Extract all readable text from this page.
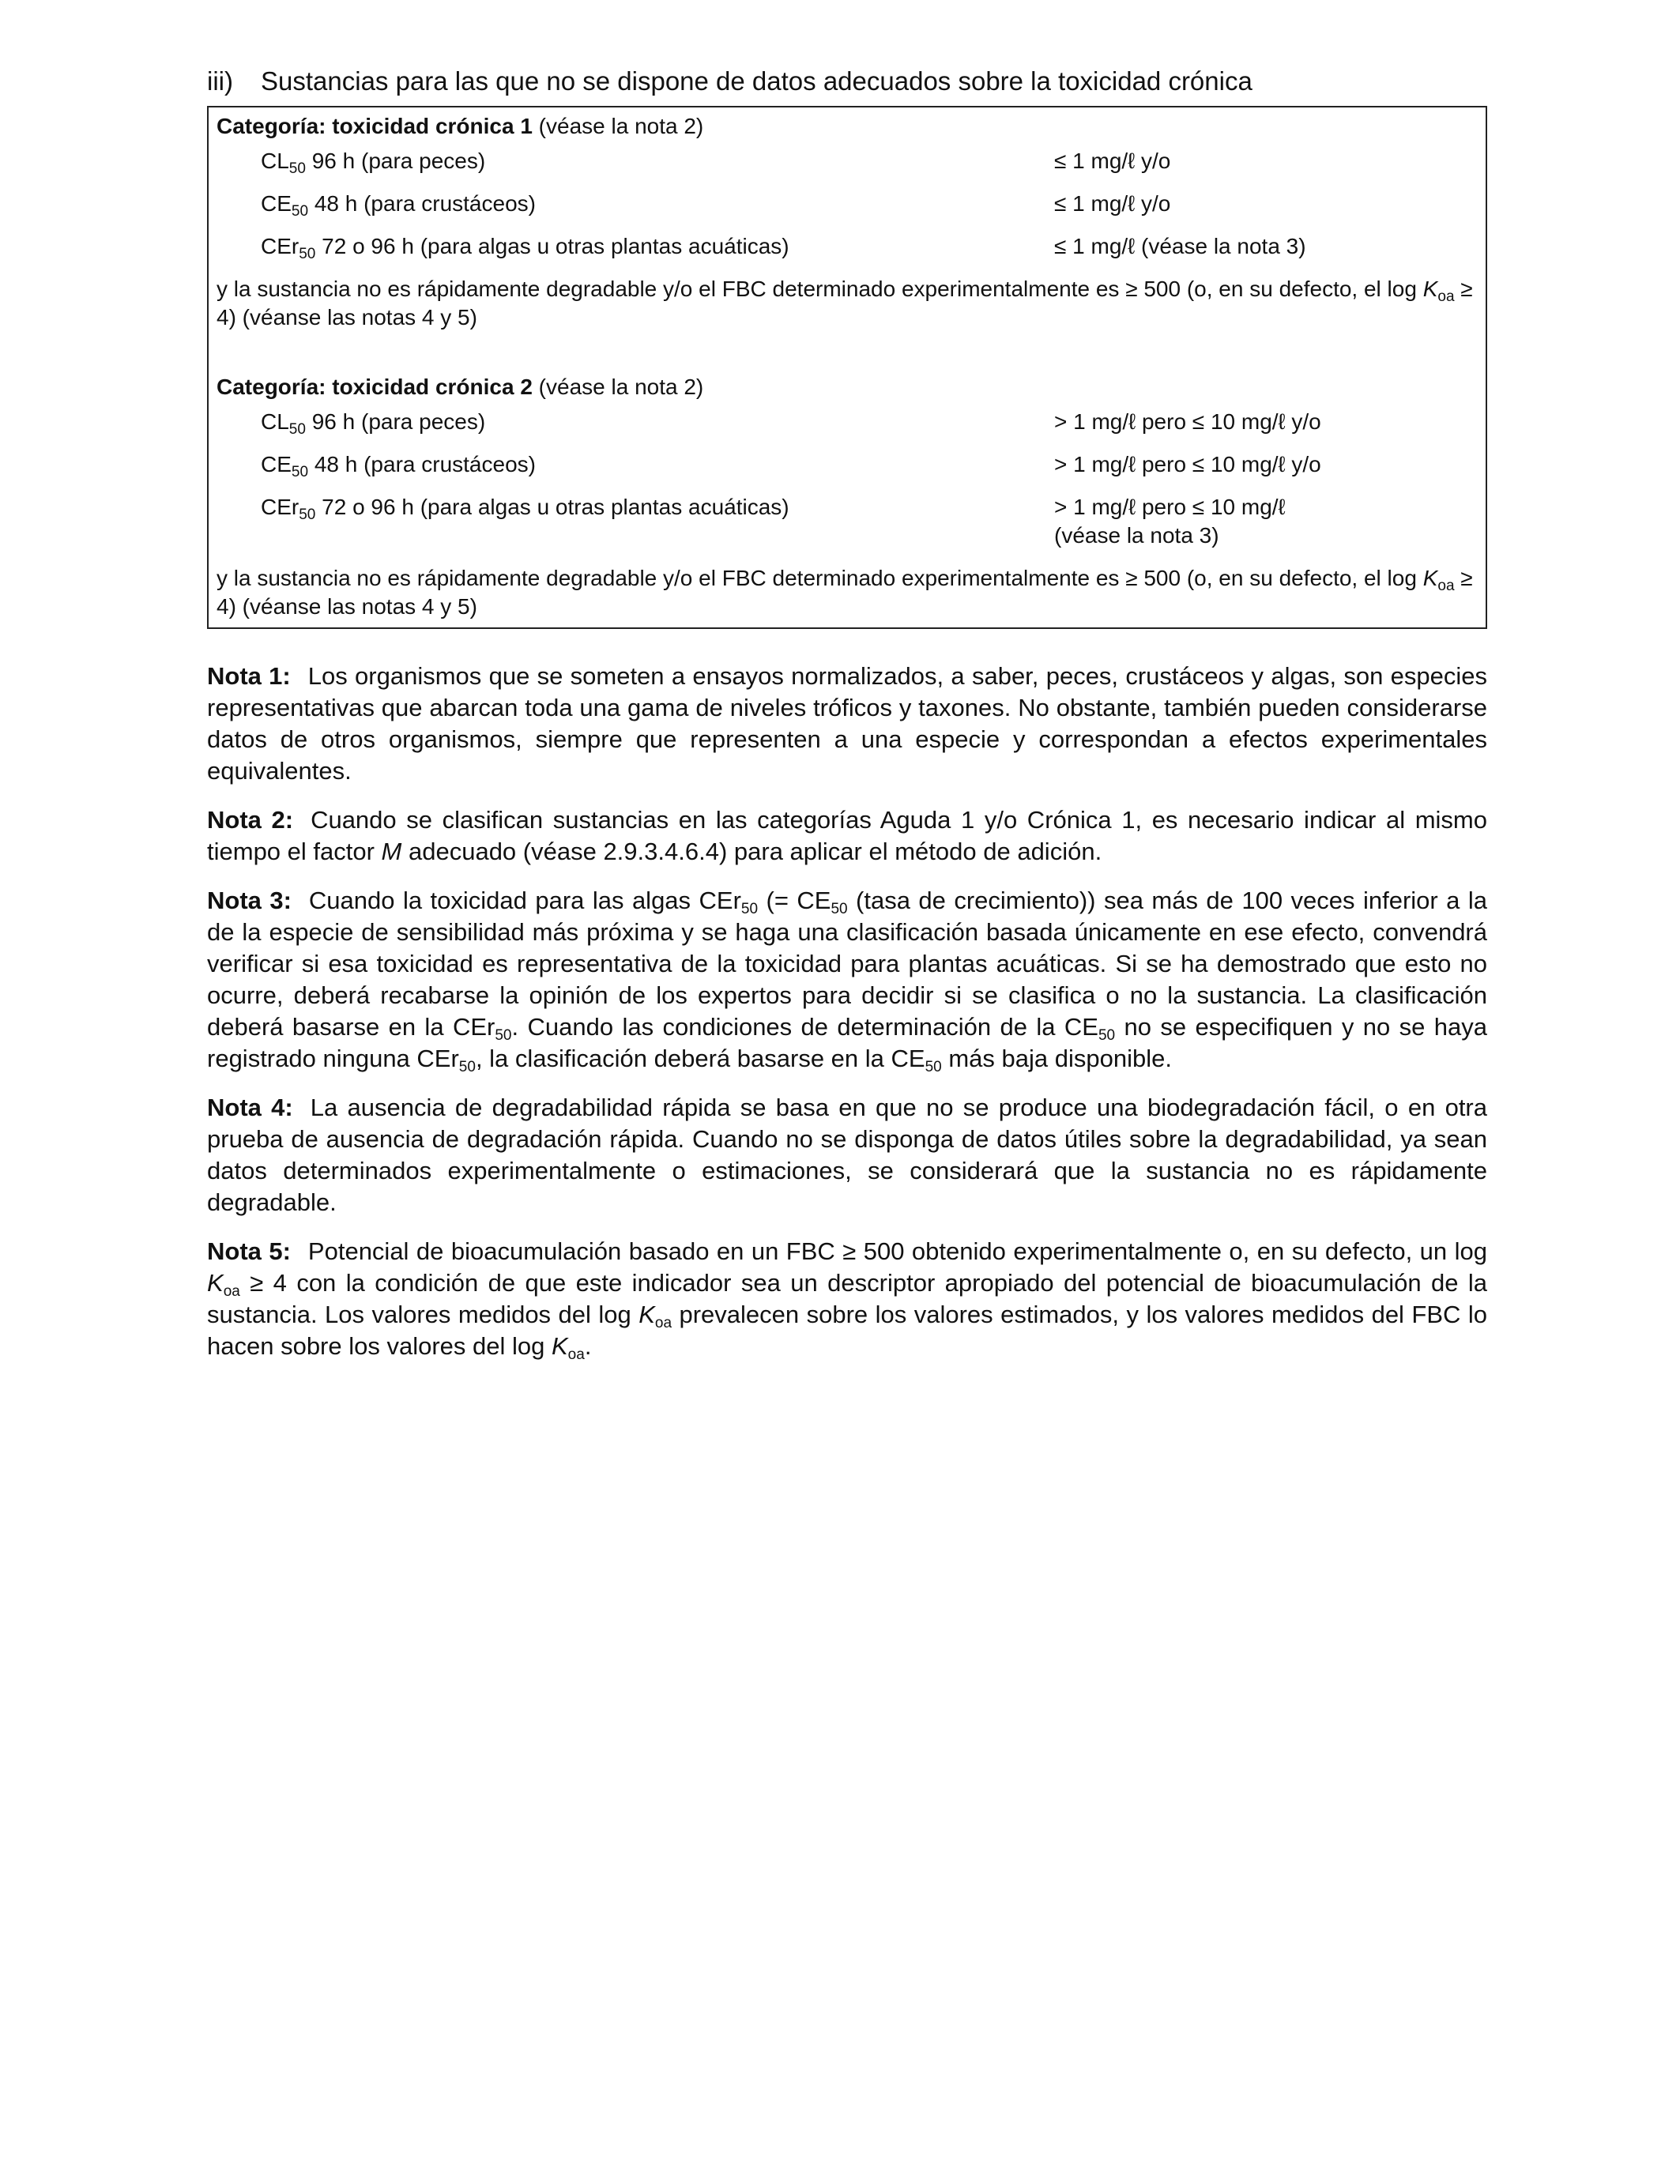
iii)	Sustancias para las que no se dispone de datos adecuados sobre la toxicidad crónica
Categoría: toxicidad crónica 1 (véase la nota 2)
$CL_{50}$ 96 h (para peces)	≤ 1 mg/ℓ y/o
$CE_{50}$ 48 h (para crustáceos)	≤ 1 mg/ℓ y/o
CEr$_{50}$ 72 o 96 h (para algas u otras plantas acuáticas)	≤ 1 mg/ℓ (véase la nota 3)
y la sustancia no es rápidamente degradable y/o el FBC determinado experimentalmente es ≥ 500 (o, en su defecto, el $\log K_{oa} \ge 4$) (véanse las notas 4 y 5)
Categoría: toxicidad crónica 2 (véase la nota 2)
$CL_{50}$ 96 h (para peces)	> 1 mg/ℓ pero ≤ 10 mg/ℓ y/o
$CE_{50}$ 48 h (para crustáceos)	> 1 mg/ℓ pero ≤ 10 mg/ℓ y/o
CEr$_{50}$ 72 o 96 h (para algas u otras plantas acuáticas)	> 1 mg/ℓ pero ≤ 10 mg/ℓ
(véase la nota 3)
y la sustancia no es rápidamente degradable y/o el FBC determinado experimentalmente es ≥ 500 (o, en su defecto, el $\log K_{oa} \ge 4$) (véanse las notas 4 y 5)
Nota 1: Los organismos que se someten a ensayos normalizados, a saber, peces, crustáceos y algas, son especies representativas que abarcan toda una gama de niveles tróficos y taxones. No obstante, también pueden considerarse datos de otros organismos, siempre que representen a una especie y correspondan a efectos experimentales equivalentes.
Nota 2: Cuando se clasifican sustancias en las categorías Aguda 1 y/o Crónica 1, es necesario indicar al mismo tiempo el factor M adecuado (véase 2.9.3.4.6.4) para aplicar el método de adición.
Nota 3: Cuando la toxicidad para las algas CEr$_{50}$ (= $CE_{50}$ (tasa de crecimiento)) sea más de 100 veces inferior a la de la especie de sensibilidad más próxima y se haga una clasificación basada únicamente en ese efecto, convendrá verificar si esa toxicidad es representativa de la toxicidad para plantas acuáticas. Si se ha demostrado que esto no ocurre, deberá recabarse la opinión de los expertos para decidir si se clasifica o no la sustancia. La clasificación deberá basarse en la CEr$_{50}$. Cuando las condiciones de determinación de la $CE_{50}$ no se especifiquen y no se haya registrado ninguna CEr$_{50}$, la clasificación deberá basarse en la $CE_{50}$ más baja disponible.
Nota 4: La ausencia de degradabilidad rápida se basa en que no se produce una biodegradación fácil, o en otra prueba de ausencia de degradación rápida. Cuando no se disponga de datos útiles sobre la degradabilidad, ya sean datos determinados experimentalmente o estimaciones, se considerará que la sustancia no es rápidamente degradable.
Nota 5: Potencial de bioacumulación basado en un FBC ≥ 500 obtenido experimentalmente o, en su defecto, un $\log K_{oa} \ge 4$ con la condición de que este indicador sea un descriptor apropiado del potencial de bioacumulación de la sustancia. Los valores medidos del $\log K_{oa}$ prevalecen sobre los valores estimados, y los valores medidos del FBC lo hacen sobre los valores del $\log K_{oa}$.
